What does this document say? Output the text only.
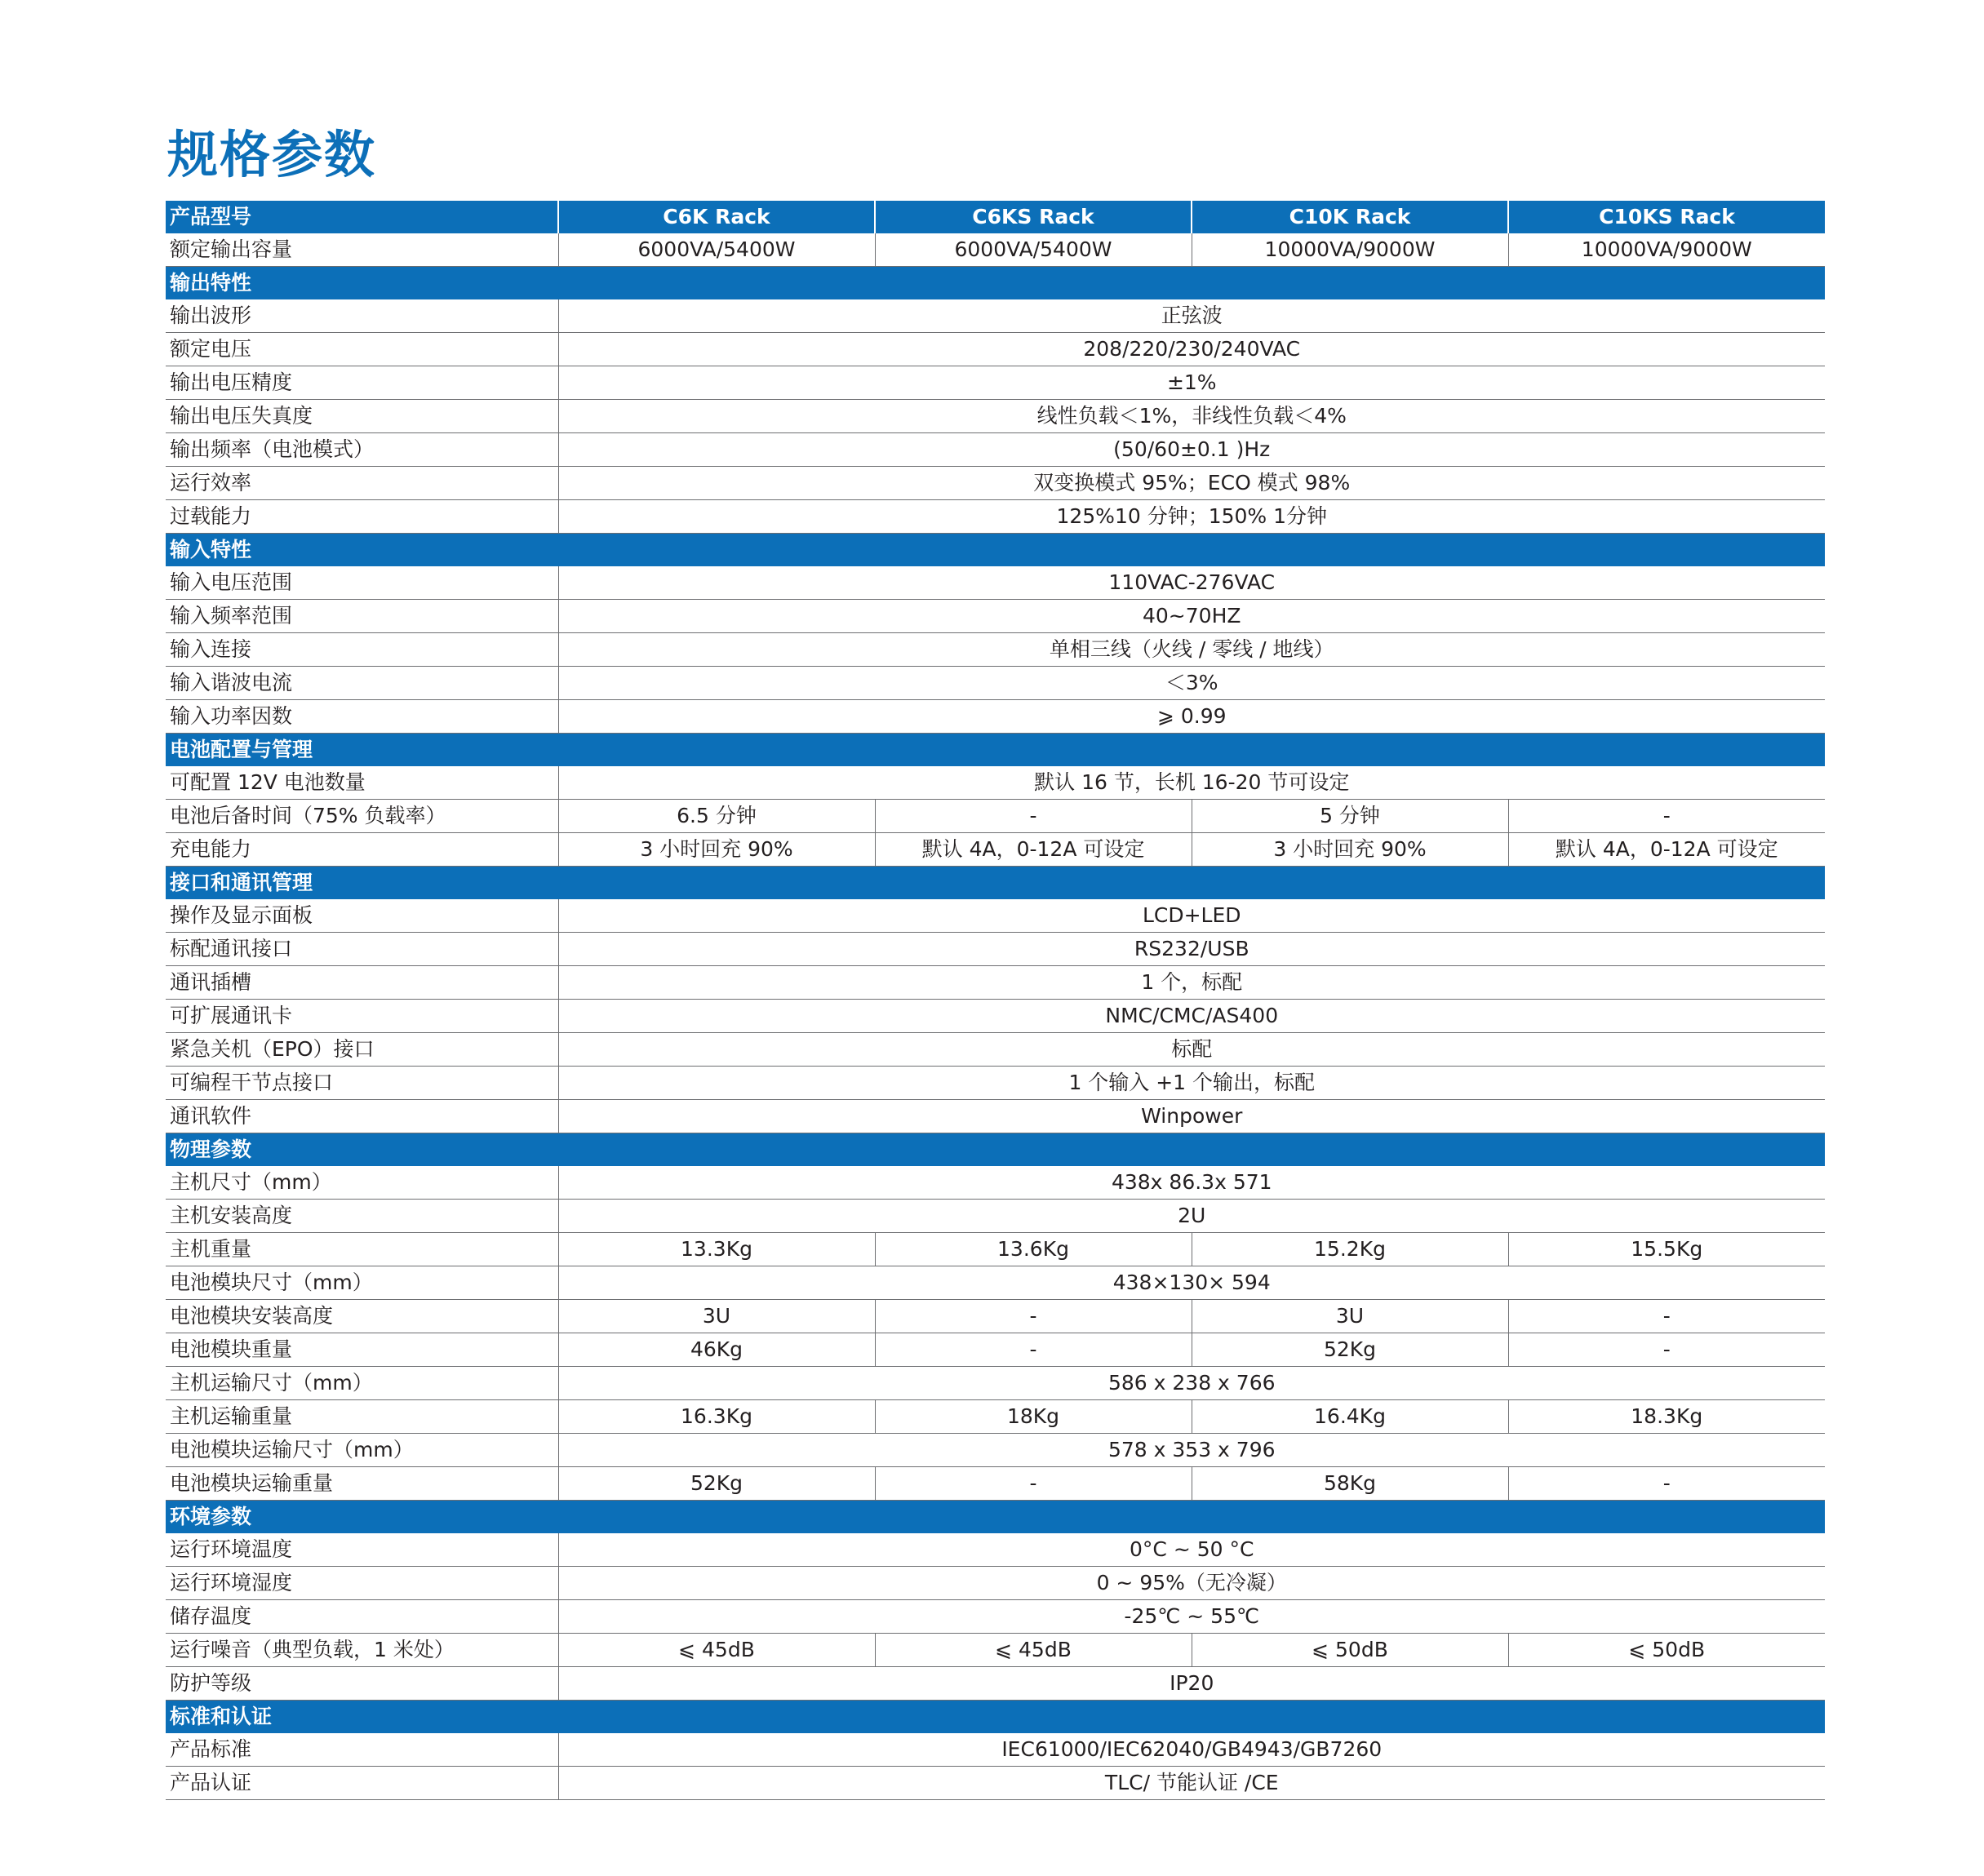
规格参数
产品型号	C6K Rack	C6KS Rack	C10K Rack	C10KS Rack
额定输出容量	6000VA/5400W	6000VA/5400W	10000VA/9000W	10000VA/9000W
输出特性				
输出波形	正弦波			
额定电压	208/220/230/240VAC			
输出电压精度	±1%			
输出电压失真度	线性负载＜1%，非线性负载＜4%			
输出频率（电池模式）	(50/60±0.1 )Hz			
运行效率	双变换模式 95%；ECO 模式 98%			
过载能力	125%10 分钟；150% 1分钟			
输入特性				
输入电压范围	110VAC-276VAC			
输入频率范围	40~70HZ			
输入连接	单相三线（火线 / 零线 / 地线）			
输入谐波电流	＜3%			
输入功率因数	⩾ 0.99			
电池配置与管理				
可配置 12V 电池数量	默认 16 节，长机 16-20 节可设定			
电池后备时间（75% 负载率）	6.5 分钟	-	5 分钟	-
充电能力	3 小时回充 90%	默认 4A，0-12A 可设定	3 小时回充 90%	默认 4A，0-12A 可设定
接口和通讯管理				
操作及显示面板	LCD+LED			
标配通讯接口	RS232/USB			
通讯插槽	1 个，标配			
可扩展通讯卡	NMC/CMC/AS400			
紧急关机（EPO）接口	标配			
可编程干节点接口	1 个输入 +1 个输出，标配			
通讯软件	Winpower			
物理参数				
主机尺寸（mm）	438x 86.3x 571			
主机安装高度	2U			
主机重量	13.3Kg	13.6Kg	15.2Kg	15.5Kg
电池模块尺寸（mm）	438×130× 594			
电池模块安装高度	3U	-	3U	-
电池模块重量	46Kg	-	52Kg	-
主机运输尺寸（mm）	586 x 238 x 766			
主机运输重量	16.3Kg	18Kg	16.4Kg	18.3Kg
电池模块运输尺寸（mm）	578 x 353 x 796			
电池模块运输重量	52Kg	-	58Kg	-
环境参数				
运行环境温度	0°C ~ 50 °C			
运行环境湿度	0 ~ 95%（无冷凝）			
储存温度	-25℃ ~ 55℃			
运行噪音（典型负载，1 米处）	⩽ 45dB	⩽ 45dB	⩽ 50dB	⩽ 50dB
防护等级	IP20			
标准和认证				
产品标准	IEC61000/IEC62040/GB4943/GB7260			
产品认证	TLC/ 节能认证 /CE			
